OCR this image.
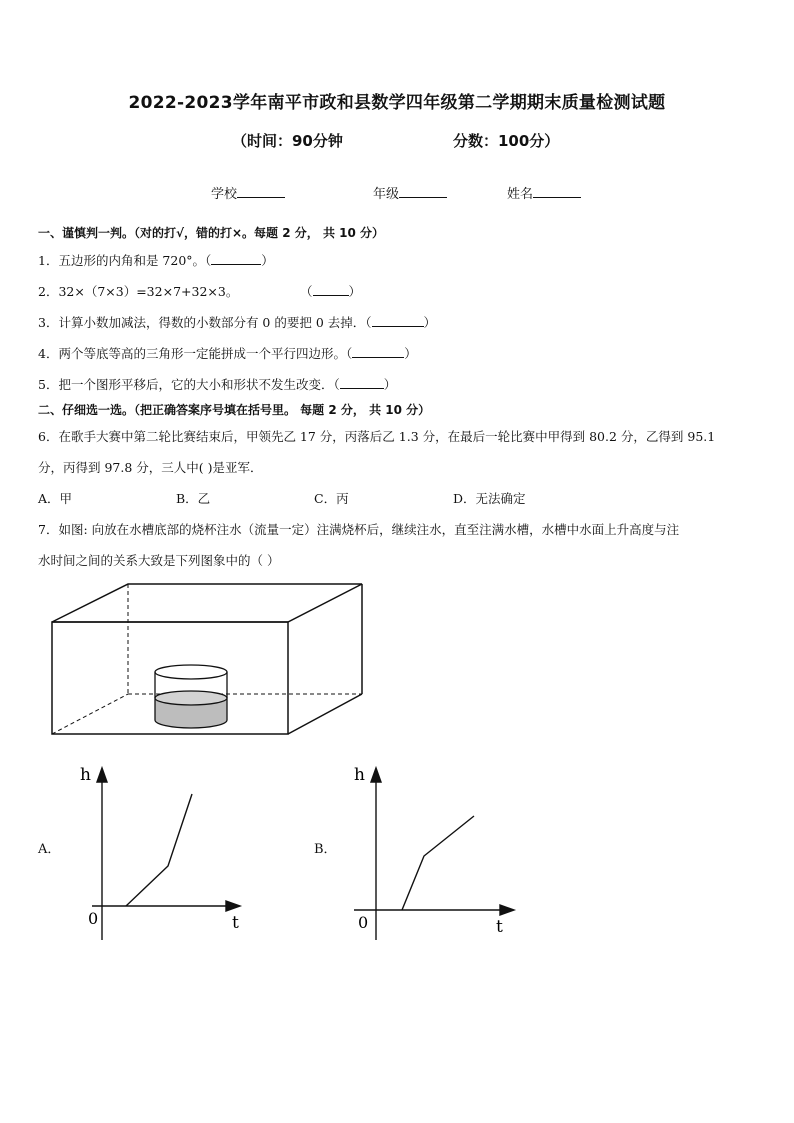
2022-2023学年南平市政和县数学四年级第二学期期末质量检测试题
（时间：90分钟	分数：100分）
学校	年级	姓名
一、谨慎判一判。（对的打√，错的打×。每题 2 分， 共 10 分）
1．五边形的内角和是 720°。（	）
2．32×（7×3）=32×7+32×3。	（	）
3．计算小数加减法，得数的小数部分有 0 的要把 0 去掉．（	）
4．两个等底等高的三角形一定能拼成一个平行四边形。（	）
5．把一个图形平移后，它的大小和形状不发生改变．（	）
二、仔细选一选。（把正确答案序号填在括号里。 每题 2 分， 共 10 分）
6．在歌手大赛中第二轮比赛结束后，甲领先乙 17 分，丙落后乙 1.3 分，在最后一轮比赛中甲得到 80.2 分，乙得到 95.1
分，丙得到 97.8 分，三人中( )是亚军．
A．甲	B．乙	C．丙	D．无法确定
7．如图: 向放在水槽底部的烧杯注水（流量一定）注满烧杯后，继续注水，直至注满水槽，水槽中水面上升高度与注
水时间之间的关系大致是下列图象中的（ ）
A．
h
0	t
B．
h
0	t
